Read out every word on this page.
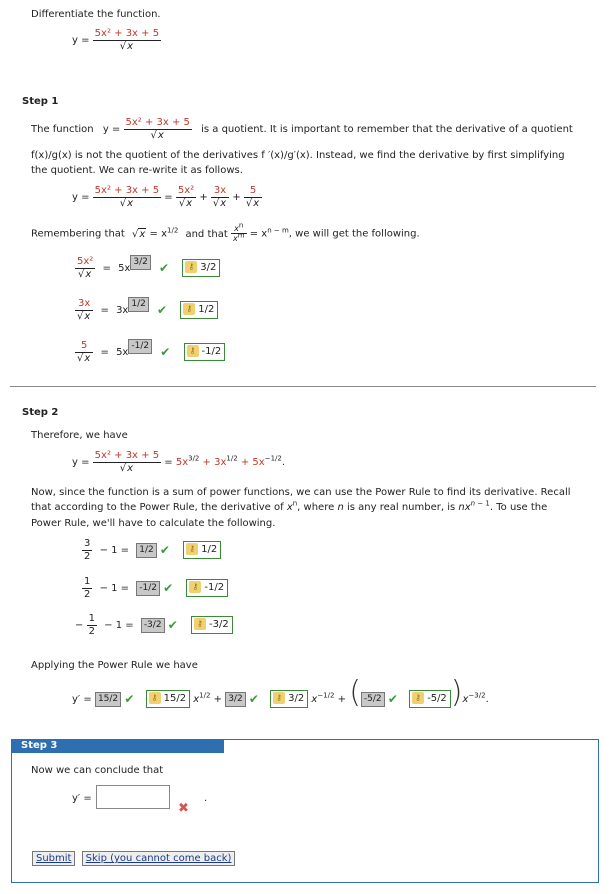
Differentiate the function.
$y = \frac{\text{5x² + 3x + 5}}{√x}$
Step 1
The function $y = \frac{\text{5x² + 3x + 5}}{√x}$ is a quotient. It is important to remember that the derivative of a quotient
f(x)/g(x) is not the quotient of the derivatives f ′(x)/g′(x). Instead, we find the derivative by first simplifying
the quotient. We can re-write it as follows.
$y = \frac{\text{5x² + 3x + 5}}{√x} = \frac{\text{5x²}}{√x} + \frac{3x}{√x} + \frac{5}{√x}$
Remembering that $√x = x^{1/2}$ and that $\frac{x^n}{x^m} = x^{n - m}$, we will get the following.
$\frac{\text{5x²}}{√x} = 5x3/2$ ✔ ⚷ 3/2
$\frac{3x}{√x} = 3x1/2$ ✔ ⚷ 1/2
$\frac{5}{√x} = 5x-1/2$ ✔ ⚷ -1/2
Step 2
Therefore, we have
$y = \frac{\text{5x² + 3x + 5}}{√x} = 5x^{3/2} + 3x^{1/2} + 5x^{-1/2}$.
Now, since the function is a sum of power functions, we can use the Power Rule to find its derivative. Recall
that according to the Power Rule, the derivative of $x^n$, where n is any real number, is $nx^{n - 1}$. To use the
Power Rule, we'll have to calculate the following.
$\frac{3}{2} - 1 = 1/2$ ✔ ⚷ 1/2
$\frac{1}{2} - 1 = -1/2$ ✔ ⚷ -1/2
− $\frac{1}{2} - 1 = -3/2$ ✔ ⚷ -3/2
Applying the Power Rule we have
y′ = 15/2 ✔ ⚷ 15/2 $x^{1/2} + 3/2$ ✔ ⚷ 3/2 $x^{-1/2}$ + ( -5/2 ✔ ⚷ -5/2 )$x^{-3/2}$.
Step 3
Now we can conclude that
y′ =
✖
.
Submit Skip (you cannot come back)
